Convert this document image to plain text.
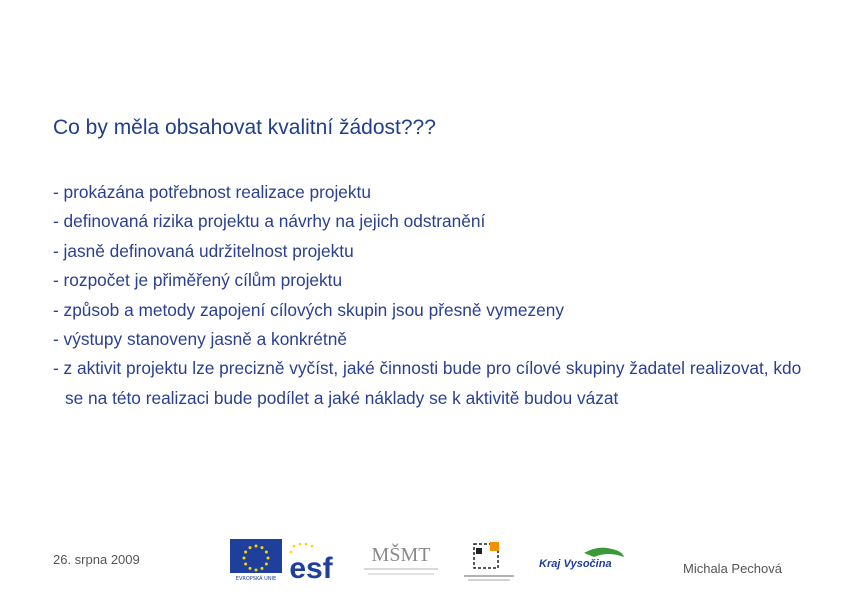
Co by měla obsahovat kvalitní žádost???
- prokázána potřebnost realizace projektu
- definovaná rizika projektu a návrhy na jejich odstranění
- jasně definovaná udržitelnost projektu
- rozpočet je přiměřený cílům projektu
- způsob a metody zapojení cílových skupin jsou přesně vymezeny
- výstupy stanoveny jasně a konkrétně
- z aktivit projektu lze precizně vyčíst, jaké činnosti bude pro cílové skupiny žadatel realizovat, kdo se na této realizaci bude podílet a jaké náklady se k aktivitě budou vázat
26. srpna 2009
EVROPSKÁ UNIE esf MŠMT	Kraj Vysočina	Michala Pechová
